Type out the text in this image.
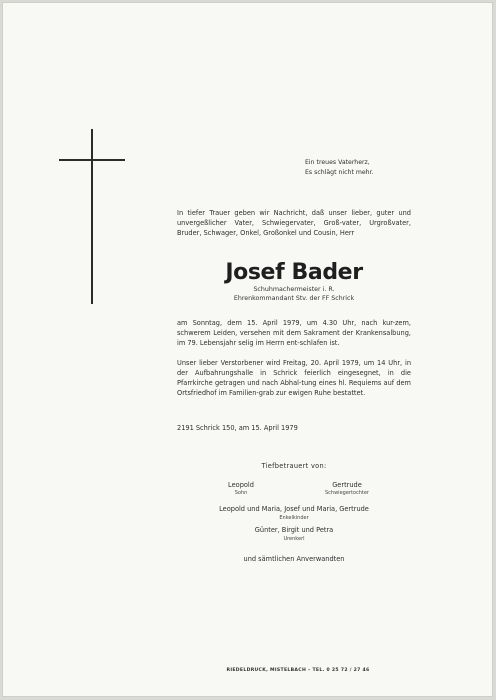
Ein treues Vaterherz,
Es schlägt nicht mehr.
In tiefer Trauer geben wir Nachricht, daß unser lieber, guter und unvergeßlicher Vater, Schwiegervater, Groß-vater, Urgroßvater, Bruder, Schwager, Onkel, Großonkel und Cousin, Herr
Josef Bader
Schuhmachermeister i. R.
Ehrenkommandant Stv. der FF Schrick
am Sonntag, dem 15. April 1979, um 4.30 Uhr, nach kur-zem, schwerem Leiden, versehen mit dem Sakrament der Krankensalbung, im 79. Lebensjahr selig im Herrn ent-schlafen ist.
Unser lieber Verstorbener wird Freitag, 20. April 1979, um 14 Uhr, in der Aufbahrungshalle in Schrick feierlich eingesegnet, in die Pfarrkirche getragen und nach Abhal-tung eines hl. Requiems auf dem Ortsfriedhof im Familien-grab zur ewigen Ruhe bestattet.
2191 Schrick 150, am 15. April 1979
Tiefbetrauert von:
Leopold
Sohn
Gertrude
Schwiegertochter
Leopold und Maria, Josef und Maria, Gertrude
Enkelkinder
Günter, Birgit und Petra
Urenkerl
und sämtlichen Anverwandten
RIEDELDRUCK, MISTELBACH – TEL. 0 25 72 / 27 46
